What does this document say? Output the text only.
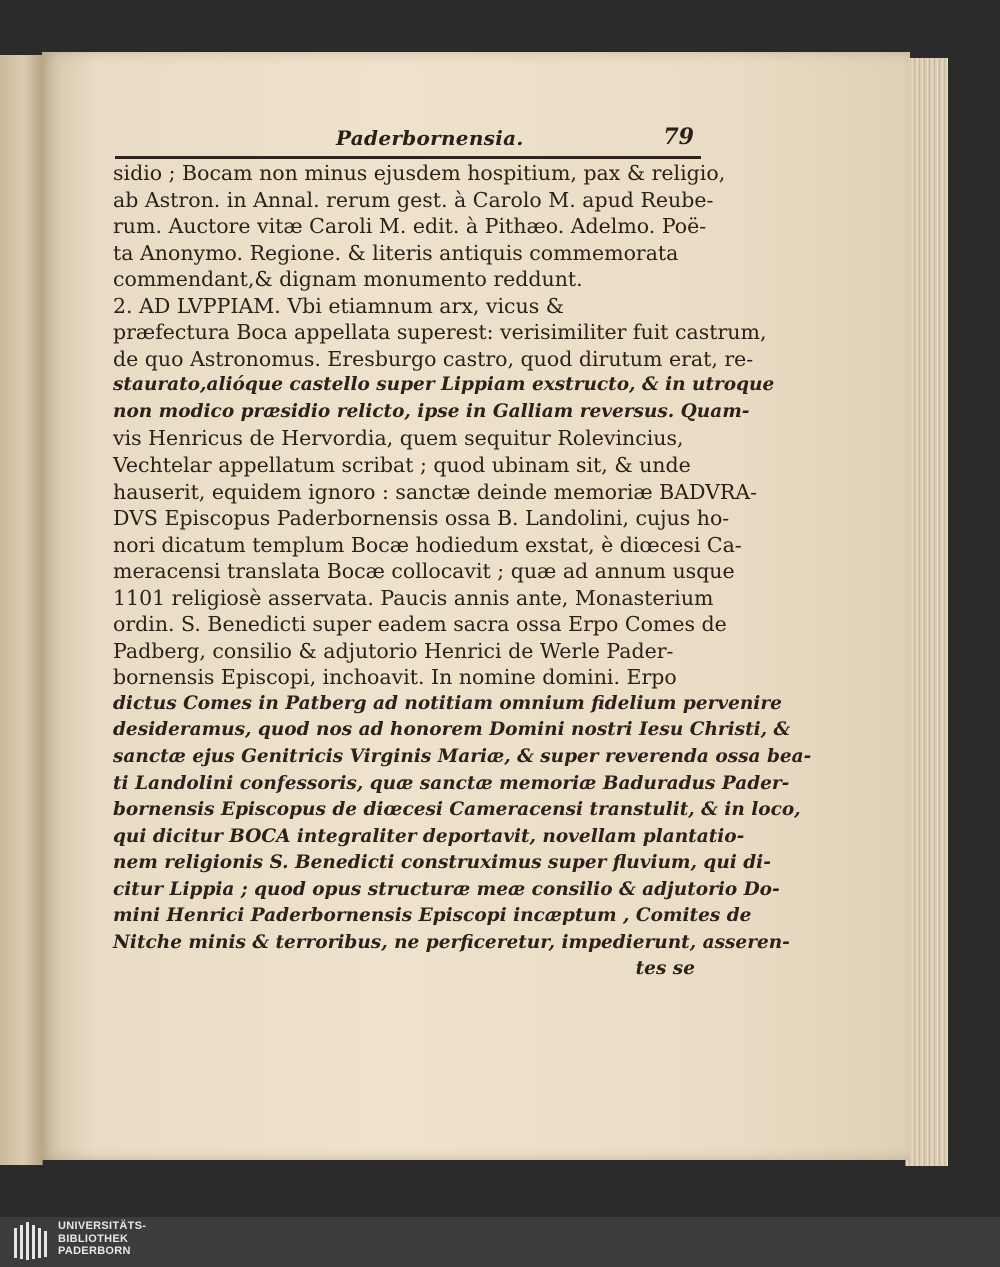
Paderbornensia.	79
sidio ; Bocam non minus ejusdem hospitium, pax & religio,
ab Astron. in Annal. rerum gest. à Carolo M. apud Reube-
rum. Auctore vitæ Caroli M. edit. à Pithæo. Adelmo. Poë-
ta Anonymo. Regione. & literis antiquis commemorata
commendant,& dignam monumento reddunt.
2. AD LVPPIAM. Vbi etiamnum arx, vicus &
præfectura Boca appellata superest: verisimiliter fuit castrum,
de quo Astronomus. Eresburgo castro, quod dirutum erat, re-
staurato,alióque castello super Lippiam exstructo, & in utroque
non modico præsidio relicto, ipse in Galliam reversus. Quam-
vis Henricus de Hervordia, quem sequitur Rolevincius,
Vechtelar appellatum scribat ; quod ubinam sit, & unde
hauserit, equidem ignoro : sanctæ deinde memoriæ BADVRA-
DVS Episcopus Paderbornensis ossa B. Landolini, cujus ho-
nori dicatum templum Bocæ hodiedum exstat, è diœcesi Ca-
meracensi translata Bocæ collocavit ; quæ ad annum usque
1101 religiosè asservata. Paucis annis ante, Monasterium
ordin. S. Benedicti super eadem sacra ossa Erpo Comes de
Padberg, consilio & adjutorio Henrici de Werle Pader-
bornensis Episcopi, inchoavit. In nomine domini. Erpo
dictus Comes in Patberg ad notitiam omnium fidelium pervenire
desideramus, quod nos ad honorem Domini nostri Iesu Christi, &
sanctæ ejus Genitricis Virginis Mariæ, & super reverenda ossa bea-
ti Landolini confessoris, quæ sanctæ memoriæ Baduradus Pader-
bornensis Episcopus de diœcesi Cameracensi transtulit, & in loco,
qui dicitur BOCA integraliter deportavit, novellam plantatio-
nem religionis S. Benedicti construximus super fluvium, qui di-
citur Lippia ; quod opus structuræ meæ consilio & adjutorio Do-
mini Henrici Paderbornensis Episcopi incæptum , Comites de
Nitche minis & terroribus, ne perficeretur, impedierunt, asseren-
tes se
UNIVERSITÄTS-
BIBLIOTHEK
PADERBORN
